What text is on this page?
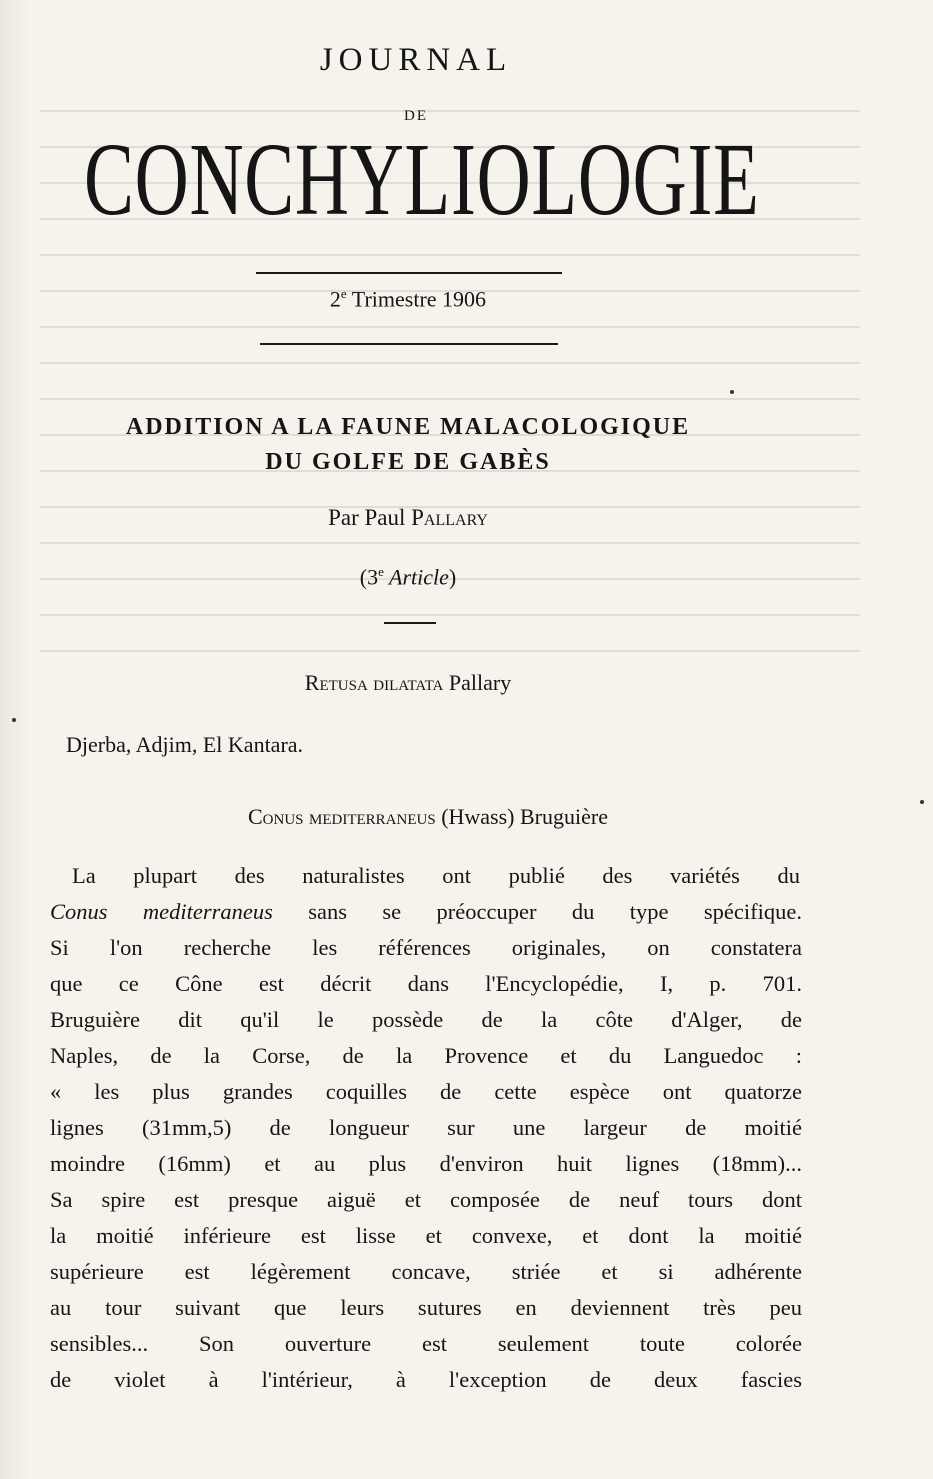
JOURNAL
DE
CONCHYLIOLOGIE
2e Trimestre 1906
ADDITION A LA FAUNE MALACOLOGIQUE
DU GOLFE DE GABÈS
Par Paul Pallary
(3e Article)
Retusa dilatata Pallary
Djerba, Adjim, El Kantara.
Conus mediterraneus (Hwass) Bruguière
La plupart des naturalistes ont publié des variétés du
Conus mediterraneus sans se préoccuper du type spécifique.
Si l'on recherche les références originales, on constatera
que ce Cône est décrit dans l'Encyclopédie, I, p. 701.
Bruguière dit qu'il le possède de la côte d'Alger, de
Naples, de la Corse, de la Provence et du Languedoc :
« les plus grandes coquilles de cette espèce ont quatorze
lignes (31mm,5) de longueur sur une largeur de moitié
moindre (16mm) et au plus d'environ huit lignes (18mm)...
Sa spire est presque aiguë et composée de neuf tours dont
la moitié inférieure est lisse et convexe, et dont la moitié
supérieure est légèrement concave, striée et si adhérente
au tour suivant que leurs sutures en deviennent très peu
sensibles... Son ouverture est seulement toute colorée
de violet à l'intérieur, à l'exception de deux fascies
